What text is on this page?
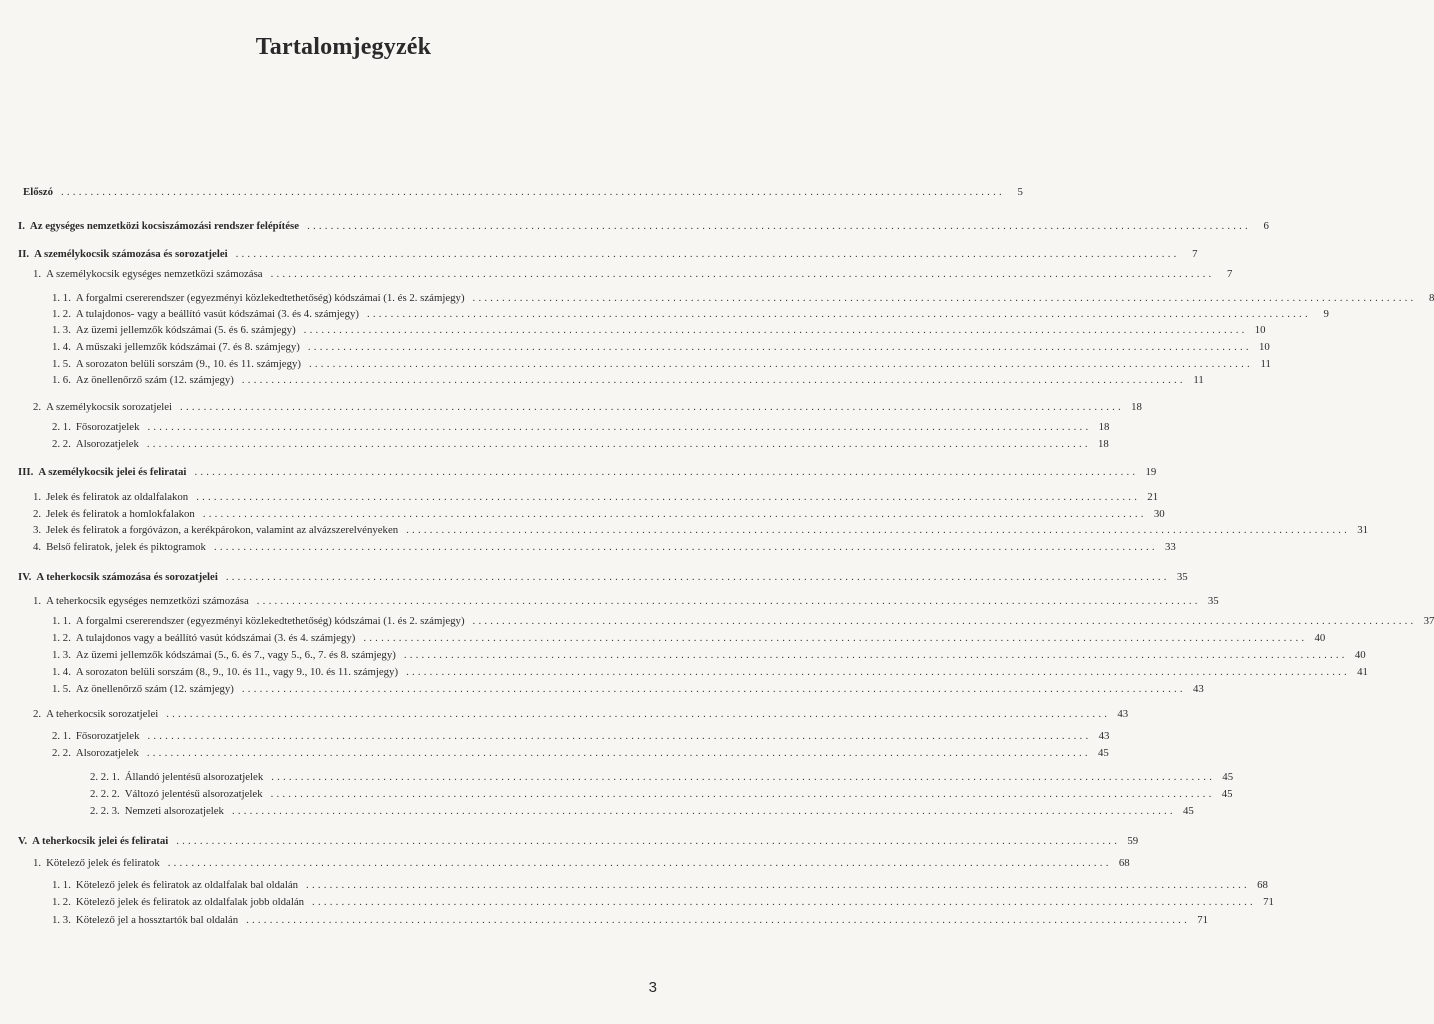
Tartalomjegyzék
Előszó ................................................................................................................................................................	5
I. Az egységes nemzetközi kocsiszámozási rendszer felépítése ................................................................................................................................................................	6
II. A személykocsik számozása és sorozatjelei ................................................................................................................................................................	7
1. A személykocsik egységes nemzetközi számozása ................................................................................................................................................................	7
1. 1. A forgalmi csererendszer (egyezményi közlekedtethetőség) kódszámai (1. és 2. számjegy) ................................................................................................................................................................	8
1. 2. A tulajdonos- vagy a beállító vasút kódszámai (3. és 4. számjegy) ................................................................................................................................................................	9
1. 3. Az üzemi jellemzők kódszámai (5. és 6. számjegy) ................................................................................................................................................................ 10
1. 4. A műszaki jellemzők kódszámai (7. és 8. számjegy) ................................................................................................................................................................ 10
1. 5. A sorozaton belüli sorszám (9., 10. és 11. számjegy) ................................................................................................................................................................ 11
1. 6. Az önellenőrző szám (12. számjegy) ................................................................................................................................................................ 11
2. A személykocsik sorozatjelei ................................................................................................................................................................ 18
2. 1. Fősorozatjelek ................................................................................................................................................................ 18
2. 2. Alsorozatjelek ................................................................................................................................................................ 18
III. A személykocsik jelei és feliratai ................................................................................................................................................................ 19
1. Jelek és feliratok az oldalfalakon ................................................................................................................................................................ 21
2. Jelek és feliratok a homlokfalakon ................................................................................................................................................................ 30
3. Jelek és feliratok a forgóvázon, a kerékpárokon, valamint az alvázszerelvényeken ................................................................................................................................................................ 31
4. Belső feliratok, jelek és piktogramok ................................................................................................................................................................ 33
IV. A teherkocsik számozása és sorozatjelei ................................................................................................................................................................ 35
1. A teherkocsik egységes nemzetközi számozása ................................................................................................................................................................ 35
1. 1. A forgalmi csererendszer (egyezményi közlekedtethetőség) kódszámai (1. és 2. számjegy) ................................................................................................................................................................ 37
1. 2. A tulajdonos vagy a beállító vasút kódszámai (3. és 4. számjegy) ................................................................................................................................................................ 40
1. 3. Az üzemi jellemzők kódszámai (5., 6. és 7., vagy 5., 6., 7. és 8. számjegy) ................................................................................................................................................................ 40
1. 4. A sorozaton belüli sorszám (8., 9., 10. és 11., vagy 9., 10. és 11. számjegy) ................................................................................................................................................................ 41
1. 5. Az önellenőrző szám (12. számjegy) ................................................................................................................................................................ 43
2. A teherkocsik sorozatjelei ................................................................................................................................................................ 43
2. 1. Fősorozatjelek ................................................................................................................................................................ 43
2. 2. Alsorozatjelek ................................................................................................................................................................ 45
2. 2. 1. Állandó jelentésű alsorozatjelek ................................................................................................................................................................ 45
2. 2. 2. Változó jelentésű alsorozatjelek ................................................................................................................................................................ 45
2. 2. 3. Nemzeti alsorozatjelek ................................................................................................................................................................ 45
V. A teherkocsik jelei és feliratai ................................................................................................................................................................ 59
1. Kötelező jelek és feliratok ................................................................................................................................................................ 68
1. 1. Kötelező jelek és feliratok az oldalfalak bal oldalán ................................................................................................................................................................ 68
1. 2. Kötelező jelek és feliratok az oldalfalak jobb oldalán ................................................................................................................................................................ 71
1. 3. Kötelező jel a hossztartók bal oldalán ................................................................................................................................................................ 71
3
